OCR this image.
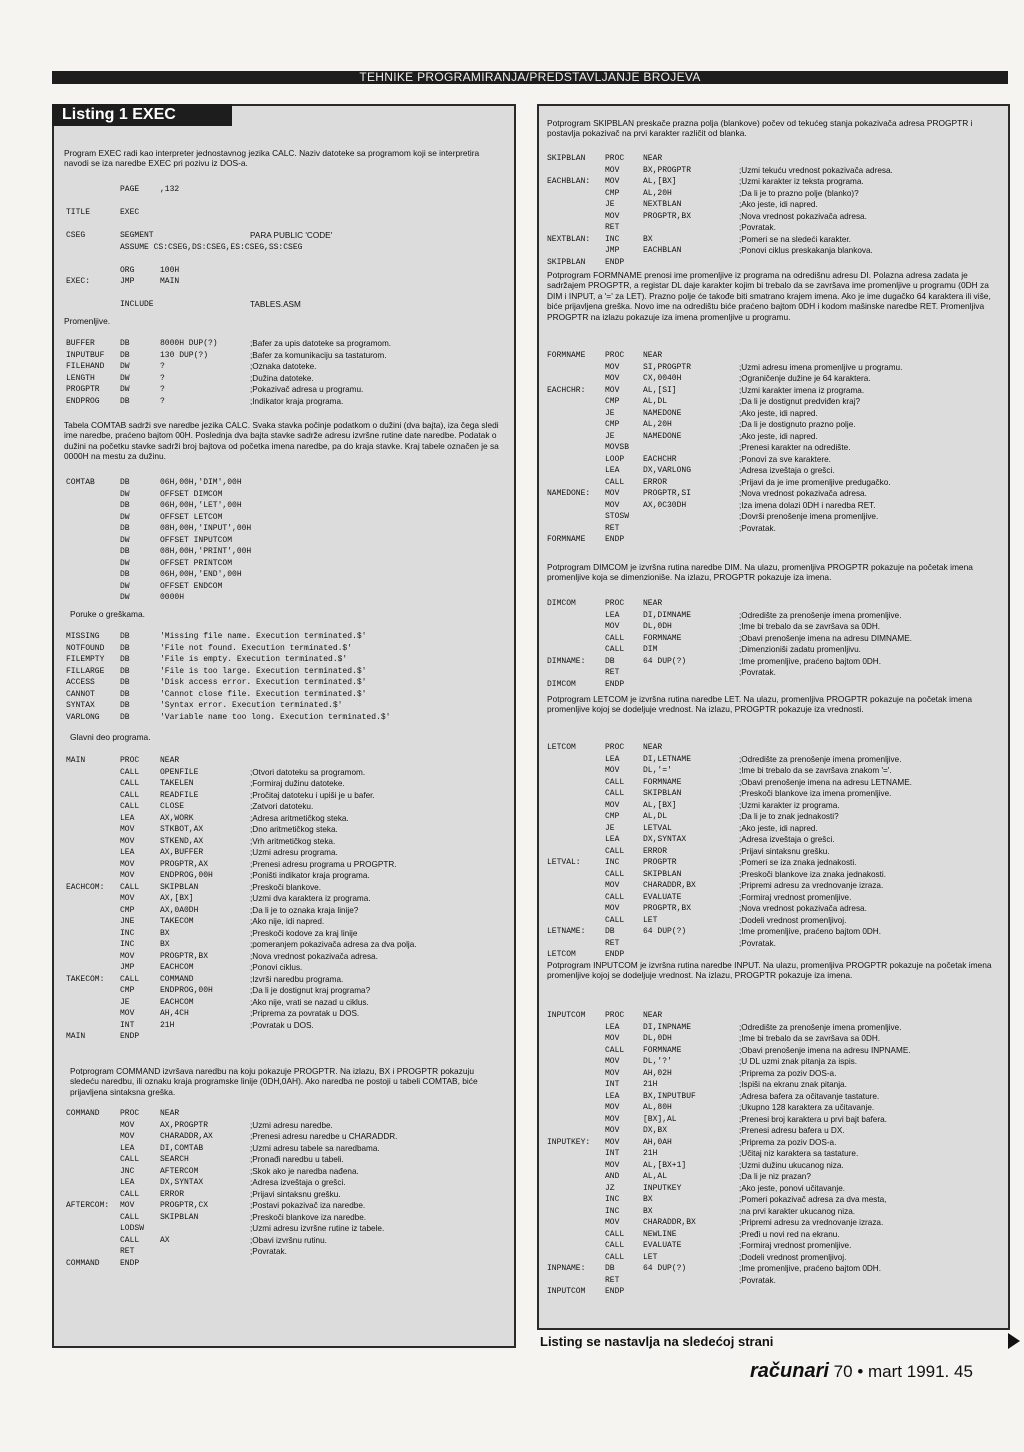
TEHNIKE PROGRAMIRANJA/PREDSTAVLJANJE BROJEVA
Listing 1 EXEC

Program EXEC radi kao interpreter jednostavnog jezika CALC. Naziv datoteke sa programom koji se interpretira navodi se iza naredbe EXEC pri pozivu iz DOS-a.

PAGE	,132
TITLE	EXEC
CSEG	SEGMENT	PARA PUBLIC 'CODE'
ASSUME CS:CSEG,DS:CSEG,ES:CSEG,SS:CSEG
ORG	100H
EXEC:	JMP	MAIN
INCLUDE	TABLES.ASM
Promenljive.
BUFFER	DB	8000H DUP(?)	;Bafer za upis datoteke sa programom.
INPUTBUF DB	130 DUP(?)	;Bafer za komunikaciju sa tastaturom.
FILEHAND DW	?	;Oznaka datoteke.
LENGTH	DW	?	;Dužina datoteke.
PROGPTR	DW	?	;Pokazivač adresa u programu.
ENDPROG	DB	?	;Indikator kraja programa.

Tabela COMTAB sadrži sve naredbe jezika CALC. Svaka stavka počinje podatkom o dužini (dva bajta), iza čega sledi ime naredbe, praćeno bajtom 00H. Poslednja dva bajta stavke sadrže adresu izvršne rutine date naredbe. Podatak o dužini na početku stavke sadrži broj bajtova od početka imena naredbe, pa do kraja stavke. Kraj tabele označen je sa 0000H na mestu za dužinu.

COMTAB	DB	06H,00H,'DIM',00H
DW	OFFSET DIMCOM
DB	06H,00H,'LET',00H
DW	OFFSET LETCOM
DB	08H,00H,'INPUT',00H
DW	OFFSET INPUTCOM
DB	08H,00H,'PRINT',00H
DW	OFFSET PRINTCOM
DB	06H,00H,'END',00H
DW	OFFSET ENDCOM
DW	0000H
Poruke o greškama.
MISSING	DB	'Missing file name. Execution terminated.$'
NOTFOUND DB	'File not found. Execution terminated.$'
FILEMPTY DB	'File is empty. Execution terminated.$'
FILLARGE DB	'File is too large. Execution terminated.$'
ACCESS	DB	'Disk access error. Execution terminated.$'
CANNOT	DB	'Cannot close file. Execution terminated.$'
SYNTAX	DB	'Syntax error. Execution terminated.$'
VARLONG	DB	'Variable name too long. Execution terminated.$'
Glavni deo programa.
MAIN	PROC	NEAR
CALL	OPENFILE	;Otvori datoteku sa programom.
CALL	TAKELEN	;Formiraj dužinu datoteke.
CALL	READFILE	;Pročitaj datoteku i upiši je u bafer.
CALL	CLOSE	;Zatvori datoteku.
LEA	AX,WORK	;Adresa aritmetičkog steka.
MOV	STKBOT,AX	;Dno aritmetičkog steka.
MOV	STKEND,AX	;Vrh aritmetičkog steka.
LEA	AX,BUFFER	;Uzmi adresu programa.
MOV	PROGPTR,AX	;Prenesi adresu programa u PROGPTR.
MOV	ENDPROG,00H	;Poništi indikator kraja programa.
EACHCOM: CALL	SKIPBLAN	;Preskoči blankove.
MOV	AX,[BX]	;Uzmi dva karaktera iz programa.
CMP	AX,0A0DH	;Da li je to oznaka kraja linije?
JNE	TAKECOM	;Ako nije, idi napred.
INC	BX	;Preskoči kodove za kraj linije
INC	BX	;pomeranjem pokazivača adresa za dva polja.
MOV	PROGPTR,BX	;Nova vrednost pokazivača adresa.
JMP	EACHCOM	;Ponovi ciklus.
TAKECOM: CALL	COMMAND	;Izvrši naredbu programa.
CMP	ENDPROG,00H	;Da li je dostignut kraj programa?
JE	EACHCOM	;Ako nije, vrati se nazad u ciklus.
MOV	AH,4CH	;Priprema za povratak u DOS.
INT	21H	;Povratak u DOS.
MAIN	ENDP

Potprogram COMMAND izvršava naredbu na koju pokazuje PROGPTR. Na izlazu, BX i PROGPTR pokazuju sledeću naredbu, ili oznaku kraja programske linije (0DH,0AH). Ako naredba ne postoji u tabeli COMTAB, biće prijavljena sintaksna greška.

COMMAND	PROC	NEAR
MOV	AX,PROGPTR	;Uzmi adresu naredbe.
MOV	CHARADDR,AX	;Prenesi adresu naredbe u CHARADDR.
LEA	DI,COMTAB	;Uzmi adresu tabele sa naredbama.
CALL	SEARCH	;Pronađi naredbu u tabeli.
JNC	AFTERCOM	;Skok ako je naredba nađena.
LEA	DX,SYNTAX	;Adresa izveštaja o grešci.
CALL	ERROR	;Prijavi sintaksnu grešku.
AFTERCOM: MOV	PROGPTR,CX	;Postavi pokazivač iza naredbe.
CALL	SKIPBLAN	;Preskoči blankove iza naredbe.
LODSW	;Uzmi adresu izvršne rutine iz tabele.
CALL	AX	;Obavi izvršnu rutinu.
RET	;Povratak.
COMMAND	ENDP

Potprogram SKIPBLAN preskače prazna polja (blankove) počev od tekućeg stanja pokazivača adresa PROGPTR i postavlja pokazivač na prvi karakter različit od blanka.

SKIPBLAN PROC NEAR
MOV	BX,PROGPTR	;Uzmi tekuću vrednost pokazivača adresa.
EACHBLAN: MOV	AL,[BX]	;Uzmi karakter iz teksta programa.
CMP	AL,20H	;Da li je to prazno polje (blanko)?
JE	NEXTBLAN	;Ako jeste, idi napred.
MOV	PROGPTR,BX	;Nova vrednost pokazivača adresa.
RET	;Povratak.
NEXTBLAN: INC	BX	;Pomeri se na sledeći karakter.
JMP	EACHBLAN	;Ponovi ciklus preskakanja blankova.
SKIPBLAN ENDP

Potprogram FORMNAME prenosi ime promenljive iz programa na odredišnu adresu DI. Polazna adresa zadata je sadržajem PROGPTR, a registar DL daje karakter kojim bi trebalo da se završava ime promenljive u programu (0DH za DIM i INPUT, a '=' za LET). Prazno polje će takođe biti smatrano krajem imena. Ako je ime dugačko 64 karaktera ili više, biće prijavljena greška. Novo ime na odredištu biće praćeno bajtom 0DH i kodom mašinske naredbe RET. Promenljiva PROGPTR na izlazu pokazuje iza imena promenljive u programu.

FORMNAME PROC NEAR
MOV	SI,PROGPTR	;Uzmi adresu imena promenljive u programu.
MOV	CX,0040H	;Ograničenje dužine je 64 karaktera.
EACHCHR: MOV	AL,[SI]	;Uzmi karakter imena iz programa.
CMP	AL,DL	;Da li je dostignut predviđen kraj?
JE	NAMEDONE	;Ako jeste, idi napred.
CMP	AL,20H	;Da li je dostignuto prazno polje.
JE	NAMEDONE	;Ako jeste, idi napred.
MOVSB	;Prenesi karakter na odredište.
LOOP EACHCHR	;Ponovi za sve karaktere.
LEA	DX,VARLONG	;Adresa izveštaja o grešci.
CALL ERROR	;Prijavi da je ime promenljive predugačko.
NAMEDONE: MOV	PROGPTR,SI	;Nova vrednost pokazivača adresa.
MOV	AX,0C30DH	;Iza imena dolazi 0DH i naredba RET.
STOSW	;Dovrši prenošenje imena promenljive.
RET	;Povratak.
FORMNAME ENDP

Potprogram DIMCOM je izvršna rutina naredbe DIM. Na ulazu, promenljiva PROGPTR pokazuje na početak imena promenljive koja se dimenzioniše. Na izlazu, PROGPTR pokazuje iza imena.

DIMCOM	PROC NEAR
LEA	DI,DIMNAME	;Odredište za prenošenje imena promenljive.
MOV	DL,0DH	;Ime bi trebalo da se završava sa 0DH.
CALL FORMNAME	;Obavi prenošenje imena na adresu DIMNAME.
CALL DIM	;Dimenzioniši zadatu promenljivu.
DIMNAME: DB	64 DUP(?)	;Ime promenljive, praćeno bajtom 0DH.
RET	;Povratak.
DIMCOM	ENDP

Potprogram LETCOM je izvršna rutina naredbe LET. Na ulazu, promenljiva PROGPTR pokazuje na početak imena promenljive kojoj se dodeljuje vrednost. Na izlazu, PROGPTR pokazuje iza vrednosti.

LETCOM	PROC NEAR
LEA	DI,LETNAME	;Odredište za prenošenje imena promenljive.
MOV	DL,'='	;Ime bi trebalo da se završava znakom '='.
CALL FORMNAME	;Obavi prenošenje imena na adresu LETNAME.
CALL SKIPBLAN	;Preskoči blankove iza imena promenljive.
MOV	AL,[BX]	;Uzmi karakter iz programa.
CMP	AL,DL	;Da li je to znak jednakosti?
JE	LETVAL	;Ako jeste, idi napred.
LEA	DX,SYNTAX	;Adresa izveštaja o grešci.
CALL ERROR	;Prijavi sintaksnu grešku.
LETVAL:	INC	PROGPTR	;Pomeri se iza znaka jednakosti.
CALL SKIPBLAN	;Preskoči blankove iza znaka jednakosti.
MOV	CHARADDR,BX	;Pripremi adresu za vrednovanje izraza.
CALL EVALUATE	;Formiraj vrednost promenljive.
MOV	PROGPTR,BX	;Nova vrednost pokazivača adresa.
CALL LET	;Dodeli vrednost promenljivoj.
LETNAME: DB	64 DUP(?)	;Ime promenljive, praćeno bajtom 0DH.
RET	;Povratak.
LETCOM	ENDP

Potprogram INPUTCOM je izvršna rutina naredbe INPUT. Na ulazu, promenljiva PROGPTR pokazuje na početak imena promenljive kojoj se dodeljuje vrednost. Na izlazu, PROGPTR pokazuje iza imena.

INPUTCOM PROC NEAR
LEA	DI,INPNAME	;Odredište za prenošenje imena promenljive.
MOV	DL,0DH	;Ime bi trebalo da se završava sa 0DH.
CALL FORMNAME	;Obavi prenošenje imena na adresu INPNAME.
MOV	DL,'?'	;U DL uzmi znak pitanja za ispis.
MOV	AH,02H	;Priprema za poziv DOS-a.
INT	21H	;Ispiši na ekranu znak pitanja.
LEA	BX,INPUTBUF	;Adresa bafera za očitavanje tastature.
MOV	AL,80H	;Ukupno 128 karaktera za učitavanje.
MOV	[BX],AL	;Prenesi broj karaktera u prvi bajt bafera.
MOV	DX,BX	;Prenesi adresu bafera u DX.
INPUTKEY: MOV	AH,0AH	;Priprema za poziv DOS-a.
INT	21H	;Učitaj niz karaktera sa tastature.
MOV	AL,[BX+1]	;Uzmi dužinu ukucanog niza.
AND	AL,AL	;Da li je niz prazan?
JZ	INPUTKEY	;Ako jeste, ponovi učitavanje.
INC	BX	;Pomeri pokazivač adresa za dva mesta,
INC	BX	;na prvi karakter ukucanog niza.
MOV	CHARADDR,BX	;Pripremi adresu za vrednovanje izraza.
CALL NEWLINE	;Pređi u novi red na ekranu.
CALL EVALUATE	;Formiraj vrednost promenljive.
CALL LET	;Dodeli vrednost promenljivoj.
INPNAME: DB	64 DUP(?)	;Ime promenljive, praćeno bajtom 0DH.
RET	;Povratak.
INPUTCOM ENDP
Listing se nastavlja na sledećoj strani
računari 70 • mart 1991. 45
